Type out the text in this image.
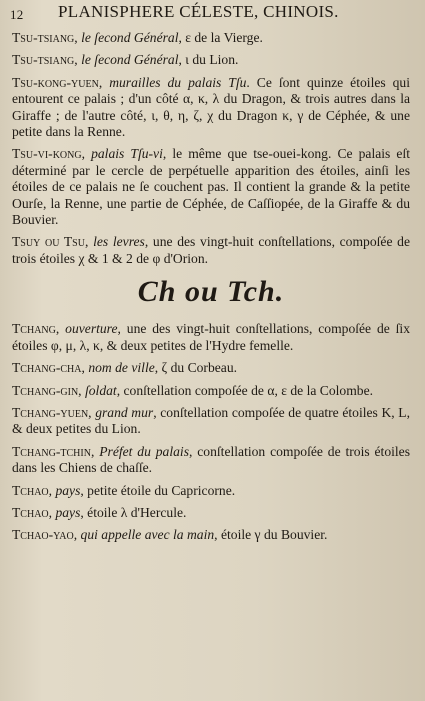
12 PLANISPHERE CÉLESTE, CHINOIS.

Tsu-tsiang, le ſecond Général, ε de la Vierge.

Tsu-tsiang, le ſecond Général, ι du Lion.

Tsu-kong-yuen, murailles du palais Tſu. Ce ſont quinze étoiles qui entourent ce palais ; d'un côté α, κ, λ du Dragon, & trois autres dans la Giraffe ; de l'autre côté, ι, θ, η, ζ, χ du Dragon κ, γ de Céphée, & une petite dans la Renne.

Tsu-vi-kong, palais Tſu-vi, le même que tse-ouei-kong. Ce palais eſt déterminé par le cercle de perpétuelle apparition des étoiles, ainſi les étoiles de ce palais ne ſe couchent pas. Il contient la grande & la petite Ourſe, la Renne, une partie de Céphée, de Caſſiopée, de la Giraffe & du Bouvier.

Tsuy ou Tsu, les levres, une des vingt-huit conſtellations, compoſée de trois étoiles χ & 1 & 2 de φ d'Orion.

Ch ou Tch.

Tchang, ouverture, une des vingt-huit conſtellations, compoſée de ſix étoiles φ, μ, λ, κ, & deux petites de l'Hydre femelle.

Tchang-cha, nom de ville, ζ du Corbeau.

Tchang-gin, ſoldat, conſtellation compoſée de α, ε de la Colombe.

Tchang-yuen, grand mur, conſtellation compoſée de quatre étoiles K, L, & deux petites du Lion.

Tchang-tchin, Préfet du palais, conſtellation compoſée de trois étoiles dans les Chiens de chaſſe.

Tchao, pays, petite étoile du Capricorne.

Tchao, pays, étoile λ d'Hercule.

Tchao-yao, qui appelle avec la main, étoile γ du Bouvier.
